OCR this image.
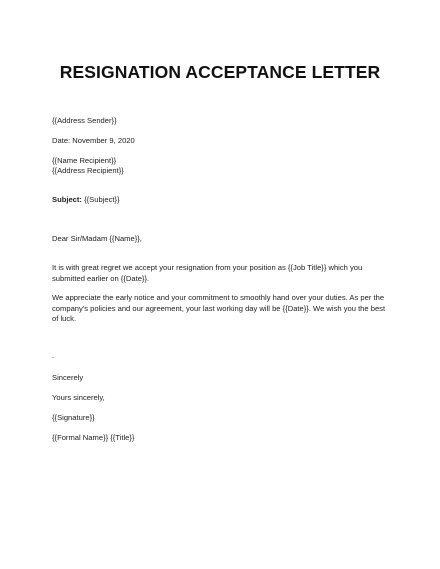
RESIGNATION ACCEPTANCE LETTER
{{Address Sender}}
Date: November 9, 2020
{{Name Recipient}}
{{Address Recipient}}
Subject: {{Subject}}
Dear Sir/Madam {{Name}},
It is with great regret we accept your resignation from your position as {{Job Title}} which you submitted earlier on {{Date}}.
We appreciate the early notice and your commitment to smoothly hand over your duties. As per the company's policies and our agreement, your last working day will be {{Date}}. We wish you the best of luck.
.
Sincerely
Yours sincerely,
{{Signature}}
{{Formal Name}} {{Title}}
